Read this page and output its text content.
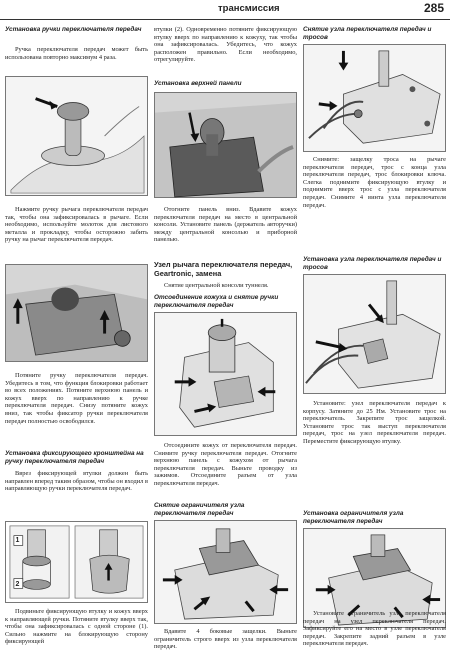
трансмиссия	285
Установка ручки переключателя передач
Ручка переключателя передач может быть использована повторно максимум 4 раза.
Нажмите ручку рычага переключателя передач так, чтобы она зафиксировалась в рычаге. Если необходимо, используйте молоток для листового металла и прокладку, чтобы осторожно забить ручку на рычаг переключателя передач.
Потяните ручку переключателя передач. Убедитесь в том, что функция блокировки работает во всех положениях. Потяните верхнюю панель и кожух вверх по направлению к ручке переключателя передач. Снизу потяните кожух вниз, так чтобы фиксатор ручки переключателя передач полностью освободился.
Установка фиксирующего кронштейна на ручку переключателя передач
Вврез фиксирующей втулки должен быть направлен вперед таким образом, чтобы он входил в направляющую ручки переключателя передач.
1
2
Подвиньте фиксирующую втулку и кожух вверх к направляющей ручки. Потяните втулку вверх так, чтобы она зафиксировалась с одной стороне (1). Сильно нажмите на блокирующую сторону фиксирующей
втулки (2). Одновременно потяните фиксирующую втулку вверх по направлению к кожуху, так чтобы она зафиксировалась. Убедитесь, что кожух расположен правильно. Если необходимо, отрегулируйте.
Установка верхней панели
Отогните панель вниз. Вдавите кожух переключателя передач на место в центральной консоли. Установите панель (держатель авторучки) между центральной консолью и приборной панелью.
Узел рычага переключателя передач, Geartronic, замена
Снятие центральной консоли туннеля.
Отсоединение кожуха и снятие ручки переключателя передач
Отсоедините кожух от переключателя передач. Снимите ручку переключателя передач. Отогните верхнюю панель с кожухом от рычага переключателя передач. Выньте проводку из зажимов. Отсоедините разъем от узла переключателя передач.
Снятие ограничителя узла переключателя передач
Вдавите 4 боковые защелки. Выньте ограничитель строго вверх из узла переключателя передач.
Снятие узла переключателя передач и тросов
Снимите: защелку троса на рычаге переключателя передач, трос с конца узла переключателя передач, трос блокировки ключа. Слегка поднимите фиксирующую втулку и поднимите вверх трос с узла переключателя передач. Снимите 4 винта узла переключателя передач.
Установка узла переключателя передач и тросов
Установите: узел переключателя передач к корпусу. Затяните до 25 Нм. Установите трос на переключатель. Закрепите трос защелкой. Установите трос так выступ переключателя передач, трос на узел переключателя передач. Переместите фиксирующую втулку.
Установка ограничителя узла переключателя передач
Установите ограничитель узла переключателя передач на узел переключателя передач. Зафиксируйте его на место в узле переключателя передач. Закрепите задний разъем в узле переключателя передач.
